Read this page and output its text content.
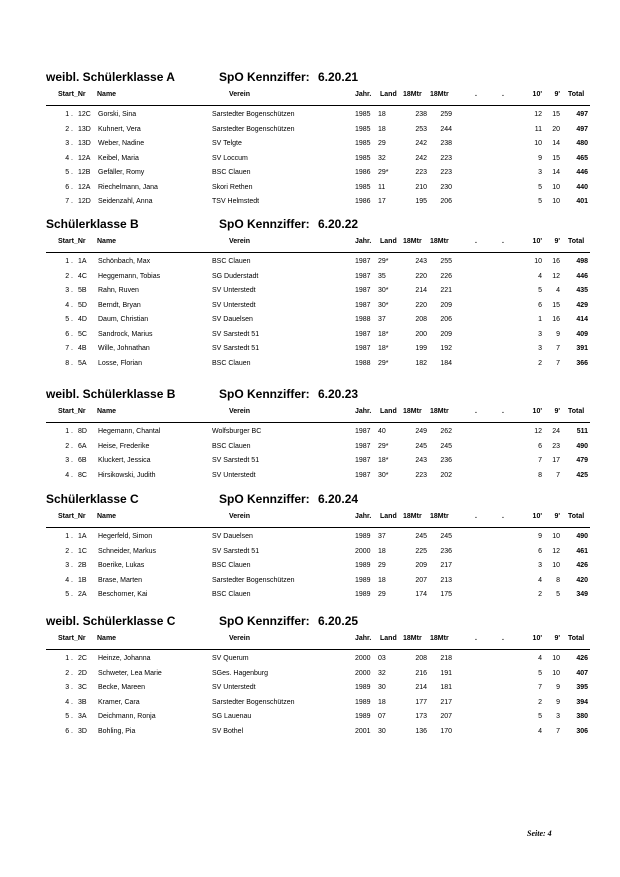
weibl. Schülerklasse A	SpO Kennziffer: 6.20.21
Start_Nr Name	Verein	Jahr. Land 18Mtr 18Mtr	.	.	10'	9' Total
1 . 12C Gorski, Sina	Sarstedter Bogenschützen	1985 18	238	259	12	15	497
2 . 13D Kuhnert, Vera	Sarstedter Bogenschützen	1985 18	253	244	11	20	497
3 . 13D Weber, Nadine	SV Telgte	1985 29	242	238	10	14	480
4 . 12A Keibel, Maria	SV Loccum	1985 32	242	223	9	15	465
5 . 12B Gefäller, Romy	BSC Clauen	1986 29*	223	223	3	14	446
6 . 12A Riechelmann, Jana	Skori Rethen	1985 11	210	230	5	10	440
7 . 12D Seidenzahl, Anna	TSV Helmstedt	1986 17	195	206	5	10	401
Schülerklasse B	SpO Kennziffer: 6.20.22
Start_Nr Name	Verein	Jahr. Land 18Mtr 18Mtr	.	.	10'	9' Total
1 . 1A Schönbach, Max	BSC Clauen	1987 29*	243	255	10	16	498
2 . 4C Heggemann, Tobias	SG Duderstadt	1987 35	220	226	4	12	446
3 . 5B Rahn, Ruven	SV Unterstedt	1987 30*	214	221	5	4	435
4 . 5D Berndt, Bryan	SV Unterstedt	1987 30*	220	209	6	15	429
5 . 4D Daum, Christian	SV Dauelsen	1988 37	208	206	1	16	414
6 . 5C Sandrock, Marius	SV Sarstedt 51	1987 18*	200	209	3	9	409
7 . 4B Wille, Johnathan	SV Sarstedt 51	1987 18*	199	192	3	7	391
8 . 5A Losse, Florian	BSC Clauen	1988 29*	182	184	2	7	366
weibl. Schülerklasse B	SpO Kennziffer: 6.20.23
Start_Nr Name	Verein	Jahr. Land 18Mtr 18Mtr	.	.	10'	9' Total
1 . 8D Hegemann, Chantal	Wolfsburger BC	1987 40	249	262	12	24	511
2 . 6A Heise, Frederike	BSC Clauen	1987 29*	245	245	6	23	490
3 . 6B Kluckert, Jessica	SV Sarstedt 51	1987 18*	243	236	7	17	479
4 . 8C Hirsikowski, Judith	SV Unterstedt	1987 30*	223	202	8	7	425
Schülerklasse C	SpO Kennziffer: 6.20.24
Start_Nr Name	Verein	Jahr. Land 18Mtr 18Mtr	.	.	10'	9' Total
1 . 1A Hegerfeld, Simon	SV Dauelsen	1989 37	245	245	9	10	490
2 . 1C Schneider, Markus	SV Sarstedt 51	2000 18	225	236	6	12	461
3 . 2B Boerike, Lukas	BSC Clauen	1989 29	209	217	3	10	426
4 . 1B Brase, Marten	Sarstedter Bogenschützen	1989 18	207	213	4	8	420
5 . 2A Beschorner, Kai	BSC Clauen	1989 29	174	175	2	5	349
weibl. Schülerklasse C	SpO Kennziffer: 6.20.25
Start_Nr Name	Verein	Jahr. Land 18Mtr 18Mtr	.	.	10'	9' Total
1 . 2C Heinze, Johanna	SV Querum	2000 03	208	218	4	10	426
2 . 2D Schweter, Lea Marie	SGes. Hagenburg	2000 32	216	191	5	10	407
3 . 3C Becke, Mareen	SV Unterstedt	1989 30	214	181	7	9	395
4 . 3B Kramer, Cara	Sarstedter Bogenschützen	1989 18	177	217	2	9	394
5 . 3A Deichmann, Ronja	SG Lauenau	1989 07	173	207	5	3	380
6 . 3D Bohling, Pia	SV Bothel	2001 30	136	170	4	7	306
Seite: 4
